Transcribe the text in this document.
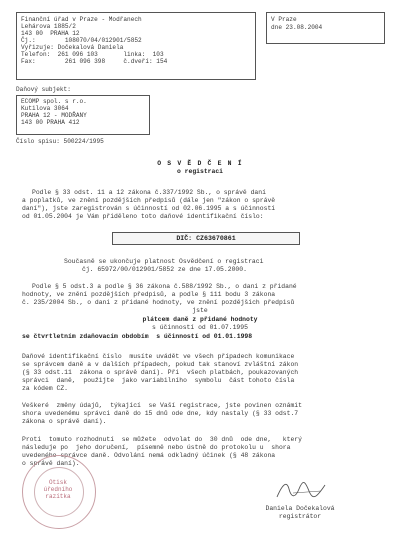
Finanční úřad v Praze - Modřanech
Lehárova 1885/2
143 00  PRAHA 12
Čj.:        108070/04/012901/5852
Vyřizuje: Dočekalová Daniela
Telefon:  261 096 103       linka:  103
Fax:        261 096 398     č.dveří: 154
V Praze
dne 23.08.2004
Daňový subjekt:
ECOMP spol. s r.o.
Kutilova 3064
PRAHA 12 - MODŘANY
143 00 PRAHA 412
Číslo spisu: 500224/1995
O S V Ě D Č E N Í
o registraci
Podle § 33 odst. 11 a 12 zákona č.337/1992 Sb., o správě daní
a poplatků, ve znění pozdějších předpisů (dále jen "zákon o správě
daní"), jste zaregistrován s účinností od 02.06.1995 a s účinností
od 01.05.2004 je Vám přiděleno toto daňové identifikační číslo:
DIČ: CZ63670861
Současně se ukončuje platnost Osvědčení o registraci
čj. 65972/00/012901/5852 ze dne 17.05.2000.
Podle § 5 odst.3 a podle § 36 zákona č.588/1992 Sb., o dani z přidané
hodnoty, ve znění pozdějších předpisů, a podle § 111 bodu 3 zákona
č. 235/2004 Sb., o dani z přidané hodnoty, ve znění pozdějších předpisů
jste
plátcem daně z přidané hodnoty
s účinností od 01.07.1995
se čtvrtletním zdaňovacím obdobím  s účinností od 01.01.1998
Daňové identifikační číslo  musíte uvádět ve všech případech komunikace
se správcem daně a v dalších případech, pokud tak stanoví zvláštní zákon
(§ 33 odst.11  zákona o správě daní). Při  všech platbách, poukazovaných
správci  daně,  použijte  jako variabilního  symbolu  část tohoto čísla
za kódem CZ.
Veškeré  změny údajů,  týkající  se Vaší registrace, jste povinen oznámit
shora uvedenému správci daně do 15 dnů ode dne, kdy nastaly (§ 33 odst.7
zákona o správě daní).
Proti  tomuto rozhodnutí  se můžete  odvolat do  30 dnů  ode dne,   který
následuje po  jeho doručení,  písemně nebo ústně do protokolu u  shora
uvedeného správce daně. Odvolání nemá odkladný účinek (§ 48 zákona
o správě daní).
Otisk
úředního
razítka
Daniela Dočekalová
registrátor
